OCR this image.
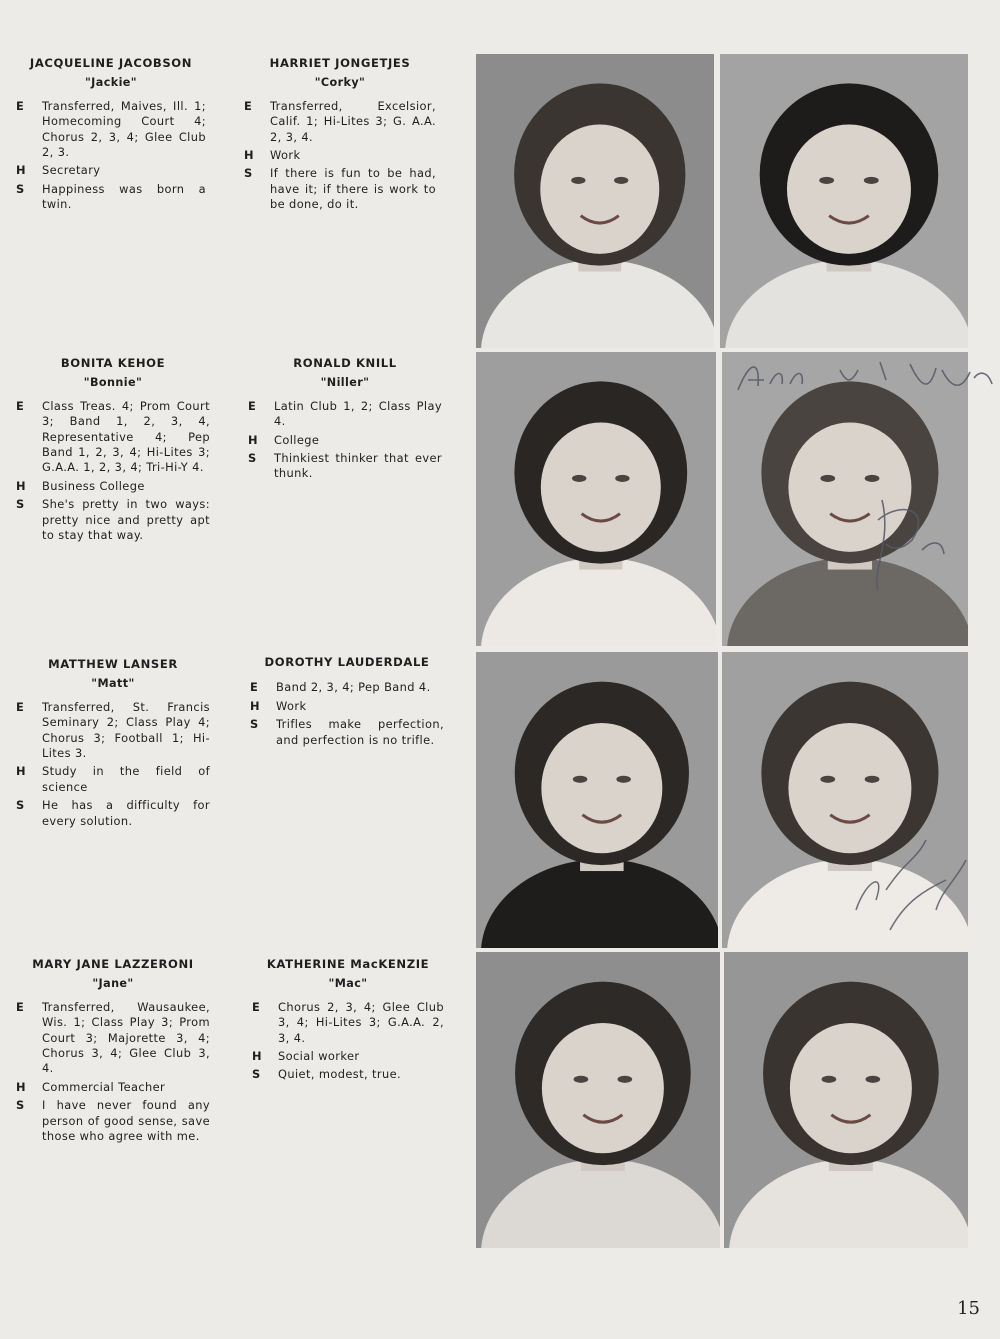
JACQUELINE JACOBSON
"Jackie"
E	Transferred, Maives, Ill. 1; Homecoming Court 4; Chorus 2, 3, 4; Glee Club 2, 3.
H	Secretary
S	Happiness was born a twin.
BONITA KEHOE
"Bonnie"
E	Class Treas. 4; Prom Court 3; Band 1, 2, 3, 4, Representative 4; Pep Band 1, 2, 3, 4; Hi-Lites 3; G.A.A. 1, 2, 3, 4; Tri-Hi-Y 4.
H	Business College
S	She's pretty in two ways: pretty nice and pretty apt to stay that way.
MATTHEW LANSER
"Matt"
E	Transferred, St. Francis Seminary 2; Class Play 4; Chorus 3; Football 1; Hi-Lites 3.
H	Study in the field of science
S	He has a difficulty for every solution.
MARY JANE LAZZERONI
"Jane"
E	Transferred, Wausaukee, Wis. 1; Class Play 3; Prom Court 3; Majorette 3, 4; Chorus 3, 4; Glee Club 3, 4.
H	Commercial Teacher
S	I have never found any person of good sense, save those who agree with me.
HARRIET JONGETJES
"Corky"
E	Transferred, Excelsior, Calif. 1; Hi-Lites 3; G. A.A. 2, 3, 4.
H	Work
S	If there is fun to be had, have it; if there is work to be done, do it.
RONALD KNILL
"Niller"
E	Latin Club 1, 2; Class Play 4.
H	College
S	Thinkiest thinker that ever thunk.
DOROTHY LAUDERDALE
E	Band 2, 3, 4; Pep Band 4.
H	Work
S	Trifles make perfection, and perfection is no trifle.
KATHERINE MacKENZIE
"Mac"
E	Chorus 2, 3, 4; Glee Club 3, 4; Hi-Lites 3; G.A.A. 2, 3, 4.
H	Social worker
S	Quiet, modest, true.
15
